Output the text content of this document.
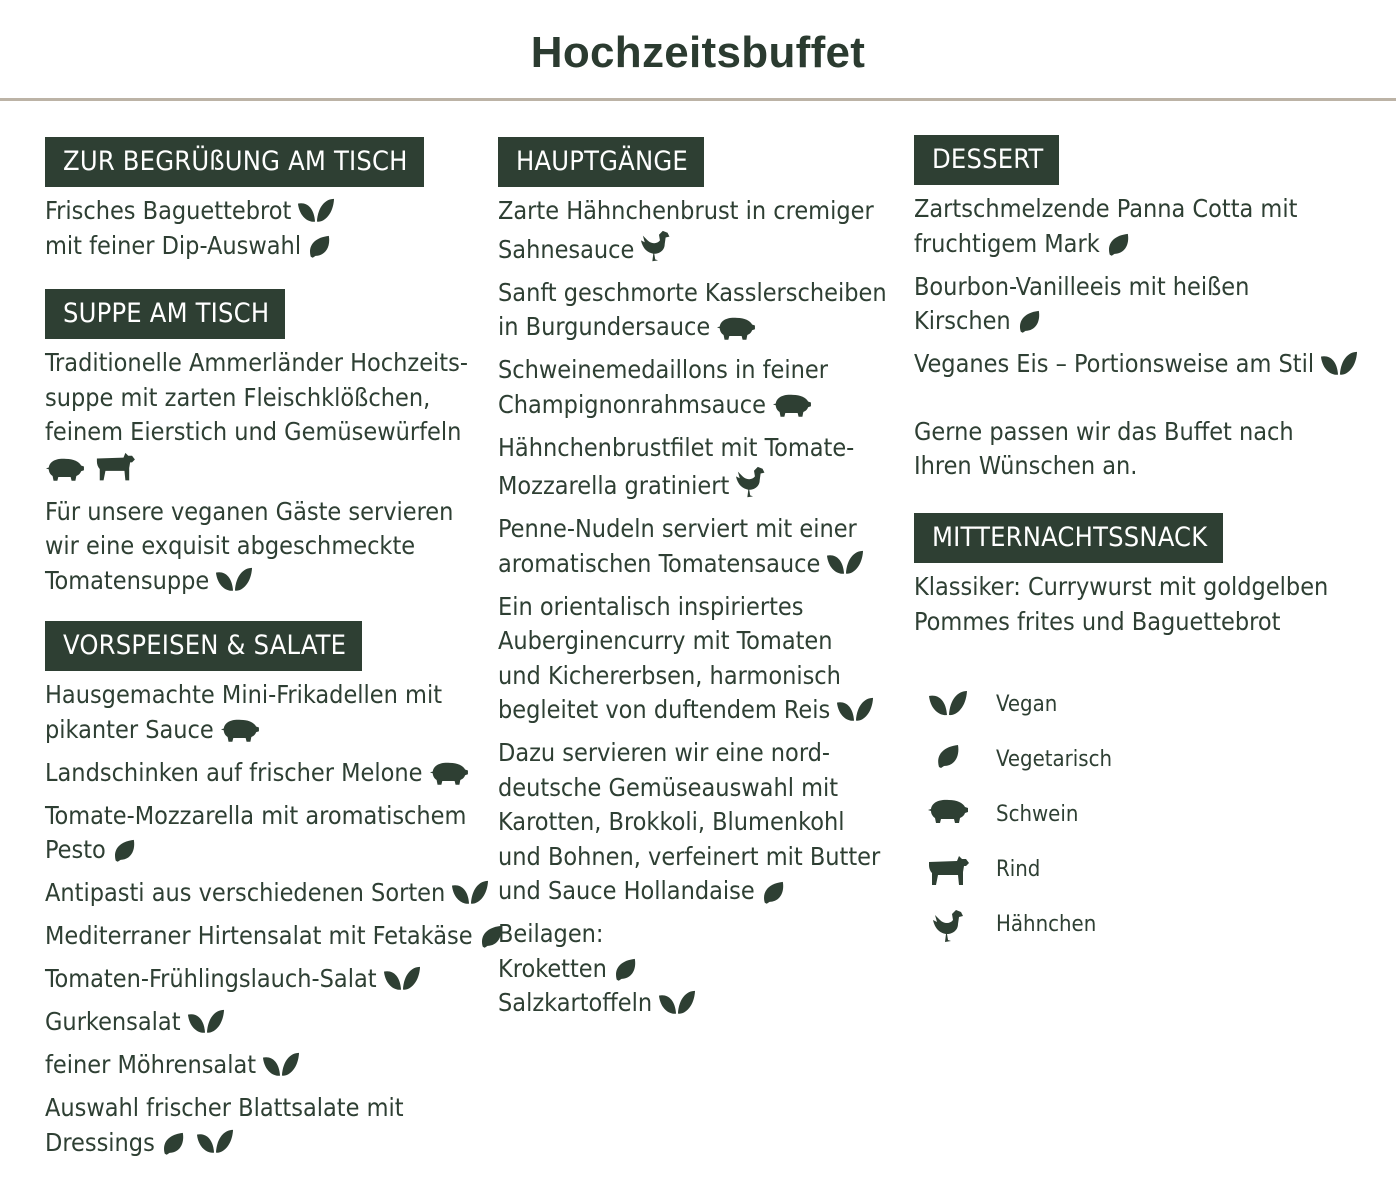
Hochzeitsbuffet
ZUR BEGRÜßUNG AM TISCH
Frisches Baguettebrot
mit feiner Dip-Auswahl
SUPPE AM TISCH
Traditionelle Ammerländer Hochzeits-
suppe mit zarten Fleischklößchen,
feinem Eierstich und Gemüsewürfeln
Für unsere veganen Gäste servieren
wir eine exquisit abgeschmeckte
Tomatensuppe
VORSPEISEN & SALATE
Hausgemachte Mini-Frikadellen mit
pikanter Sauce
Landschinken auf frischer Melone
Tomate-Mozzarella mit aromatischem
Pesto
Antipasti aus verschiedenen Sorten
Mediterraner Hirtensalat mit Fetakäse
Tomaten-Frühlingslauch-Salat
Gurkensalat
feiner Möhrensalat
Auswahl frischer Blattsalate mit
Dressings
HAUPTGÄNGE
Zarte Hähnchenbrust in cremiger
Sahnesauce
Sanft geschmorte Kasslerscheiben
in Burgundersauce
Schweinemedaillons in feiner
Champignonrahmsauce
Hähnchenbrustfilet mit Tomate-
Mozzarella gratiniert
Penne-Nudeln serviert mit einer
aromatischen Tomatensauce
Ein orientalisch inspiriertes
Auberginencurry mit Tomaten
und Kichererbsen, harmonisch
begleitet von duftendem Reis
Dazu servieren wir eine nord-
deutsche Gemüseauswahl mit
Karotten, Brokkoli, Blumenkohl
und Bohnen, verfeinert mit Butter
und Sauce Hollandaise
Beilagen:
Kroketten
Salzkartoffeln
DESSERT
Zartschmelzende Panna Cotta mit
fruchtigem Mark
Bourbon-Vanilleeis mit heißen
Kirschen
Veganes Eis – Portionsweise am Stil
MITTERNACHTSSNACK
Klassiker: Currywurst mit goldgelben
Pommes frites und Baguettebrot
Gerne passen wir das Buffet nach
Ihren Wünschen an.
Vegan
Vegetarisch
Schwein
Rind
Hähnchen
